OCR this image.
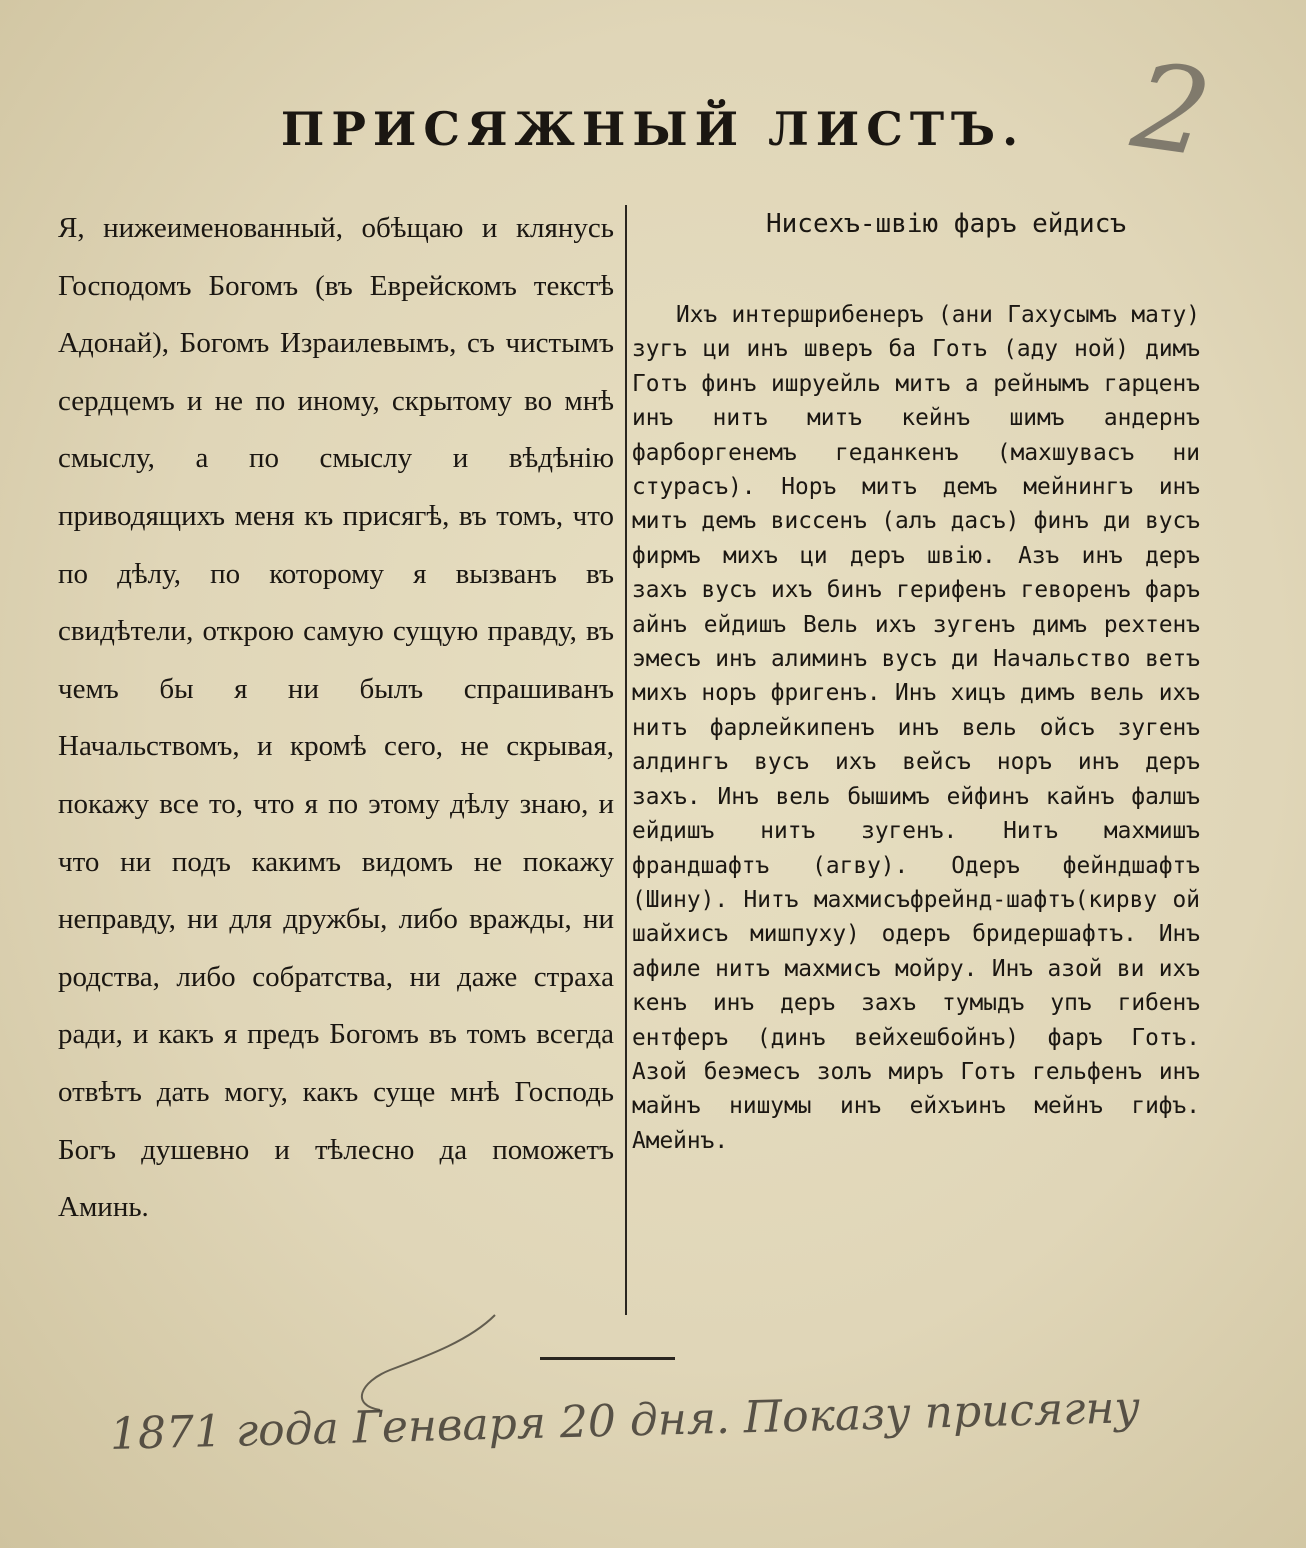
2
ПРИСЯЖНЫЙ ЛИСТЪ.

Я, нижеименованный, обѣщаю и клянусь Господомъ Богомъ (въ Еврейскомъ текстѣ Адонай), Богомъ Израилевымъ, съ чистымъ сердцемъ и не по иному, скрытому во мнѣ смыслу, а по смыслу и вѣдѣнію приводящихъ меня къ присягѣ, въ томъ, что по дѣлу, по которому я вызванъ въ свидѣтели, открою самую сущую правду, въ чемъ бы я ни былъ спрашиванъ Начальствомъ, и кромѣ сего, не скрывая, покажу все то, что я по этому дѣлу знаю, и что ни подъ какимъ видомъ не покажу неправду, ни для дружбы, либо вражды, ни родства, либо собратства, ни даже страха ради, и какъ я предъ Богомъ въ томъ всегда отвѣтъ дать могу, какъ суще мнѣ Господь Богъ душевно и тѣлесно да поможетъ Аминь.

Нисехъ-швію фаръ ейдисъ

Ихъ интершрибенеръ (ани Гахусымъ мату) зугъ ци инъ шверъ ба Готъ (аду ной) димъ Готъ финъ ишруейль митъ а рейнымъ гарценъ инъ нитъ митъ кейнъ шимъ андернъ фарборгенемъ геданкенъ (махшувасъ ни стурасъ). Норъ митъ демъ мейнингъ инъ митъ демъ виссенъ (алъ дасъ) финъ ди вусъ фирмъ михъ ци деръ швію. Азъ инъ деръ захъ вусъ ихъ бинъ герифенъ геворенъ фаръ айнъ ейдишъ Вель ихъ зугенъ димъ рехтенъ эмесъ инъ алиминъ вусъ ди Начальство ветъ михъ норъ фригенъ. Инъ хицъ димъ вель ихъ нитъ фарлейкипенъ инъ вель ойсъ зугенъ алдингъ вусъ ихъ вейсъ норъ инъ деръ захъ. Инъ вель бышимъ ейфинъ кайнъ фалшъ ейдишъ нитъ зугенъ. Нитъ махмишъ франдшафтъ (агву). Одеръ фейндшафтъ (Шину). Нитъ махмисъфрейнд-шафтъ(кирву ой шайхисъ мишпуху) одеръ бридершафтъ. Инъ афиле нитъ махмисъ мойру. Инъ азой ви ихъ кенъ инъ деръ захъ тумыдъ упъ гибенъ ентферъ (динъ вейхешбойнъ) фаръ Готъ. Азой беэмесъ золъ миръ Готъ гельфенъ инъ майнъ нишумы инъ ейхъинъ мейнъ гифъ. Амейнъ.

1871 года Генваря 20 дня. Показу присягну
